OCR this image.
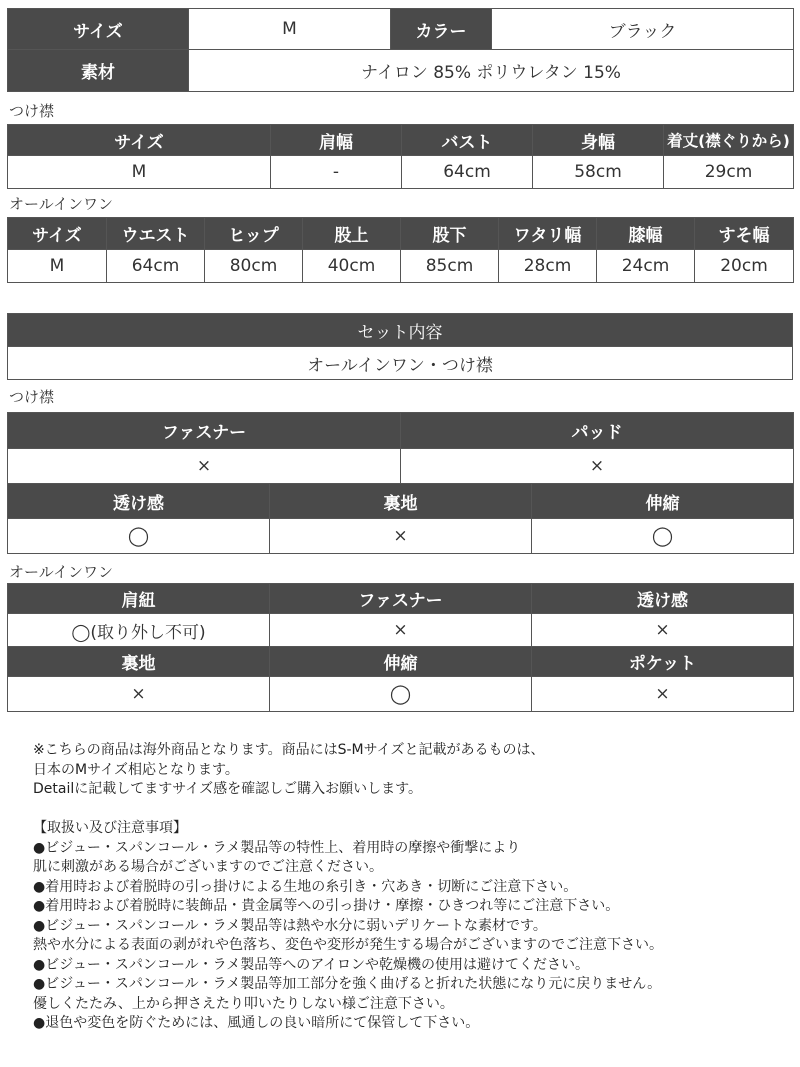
サイズ	M	カラー	ブラック
素材	ナイロン 85% ポリウレタン 15%		
つけ襟
サイズ	肩幅	バスト	身幅	着丈(襟ぐりから)
M	-	64cm	58cm	29cm
オールインワン
サイズ	ウエスト	ヒップ	股上	股下	ワタリ幅	膝幅	すそ幅
M	64cm	80cm	40cm	85cm	28cm	24cm	20cm
セット内容
オールインワン・つけ襟
つけ襟
ファスナー	パッド
×	×
透け感	裏地	伸縮
◯	×	◯
オールインワン
肩紐	ファスナー	透け感
◯(取り外し不可)	×	×
裏地	伸縮	ポケット
×	◯	×
※こちらの商品は海外商品となります。商品にはS-Mサイズと記載があるものは、
日本のMサイズ相応となります。
Detailに記載してますサイズ感を確認しご購入お願いします。
【取扱い及び注意事項】
●ビジュー・スパンコール・ラメ製品等の特性上、着用時の摩擦や衝撃により
肌に刺激がある場合がございますのでご注意ください。
●着用時および着脱時の引っ掛けによる生地の糸引き・穴あき・切断にご注意下さい。
●着用時および着脱時に装飾品・貴金属等への引っ掛け・摩擦・ひきつれ等にご注意下さい。
●ビジュー・スパンコール・ラメ製品等は熱や水分に弱いデリケートな素材です。
熱や水分による表面の剥がれや色落ち、変色や変形が発生する場合がございますのでご注意下さい。
●ビジュー・スパンコール・ラメ製品等へのアイロンや乾燥機の使用は避けてください。
●ビジュー・スパンコール・ラメ製品等加工部分を強く曲げると折れた状態になり元に戻りません。
優しくたたみ、上から押さえたり叩いたりしない様ご注意下さい。
●退色や変色を防ぐためには、風通しの良い暗所にて保管して下さい。
